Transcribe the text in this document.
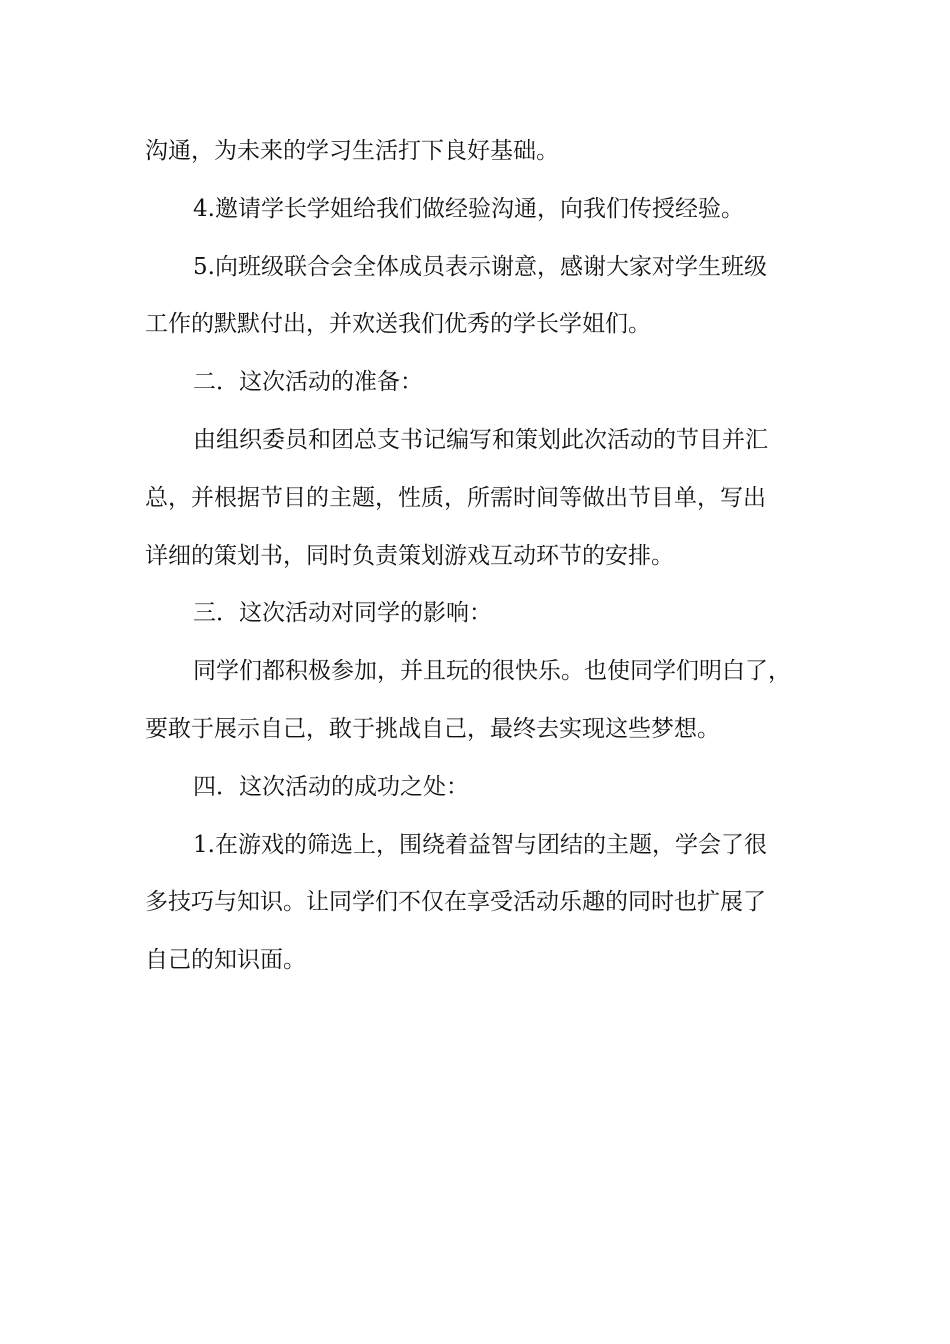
沟通，为未来的学习生活打下良好基础。
4.邀请学长学姐给我们做经验沟通，向我们传授经验。
5.向班级联合会全体成员表示谢意，感谢大家对学生班级
工作的默默付出，并欢送我们优秀的学长学姐们。
二．这次活动的准备：
由组织委员和团总支书记编写和策划此次活动的节目并汇
总，并根据节目的主题，性质，所需时间等做出节目单，写出
详细的策划书，同时负责策划游戏互动环节的安排。
三．这次活动对同学的影响：
同学们都积极参加，并且玩的很快乐。也使同学们明白了，
要敢于展示自己，敢于挑战自己，最终去实现这些梦想。
四．这次活动的成功之处：
1.在游戏的筛选上，围绕着益智与团结的主题，学会了很
多技巧与知识。让同学们不仅在享受活动乐趣的同时也扩展了
自己的知识面。
